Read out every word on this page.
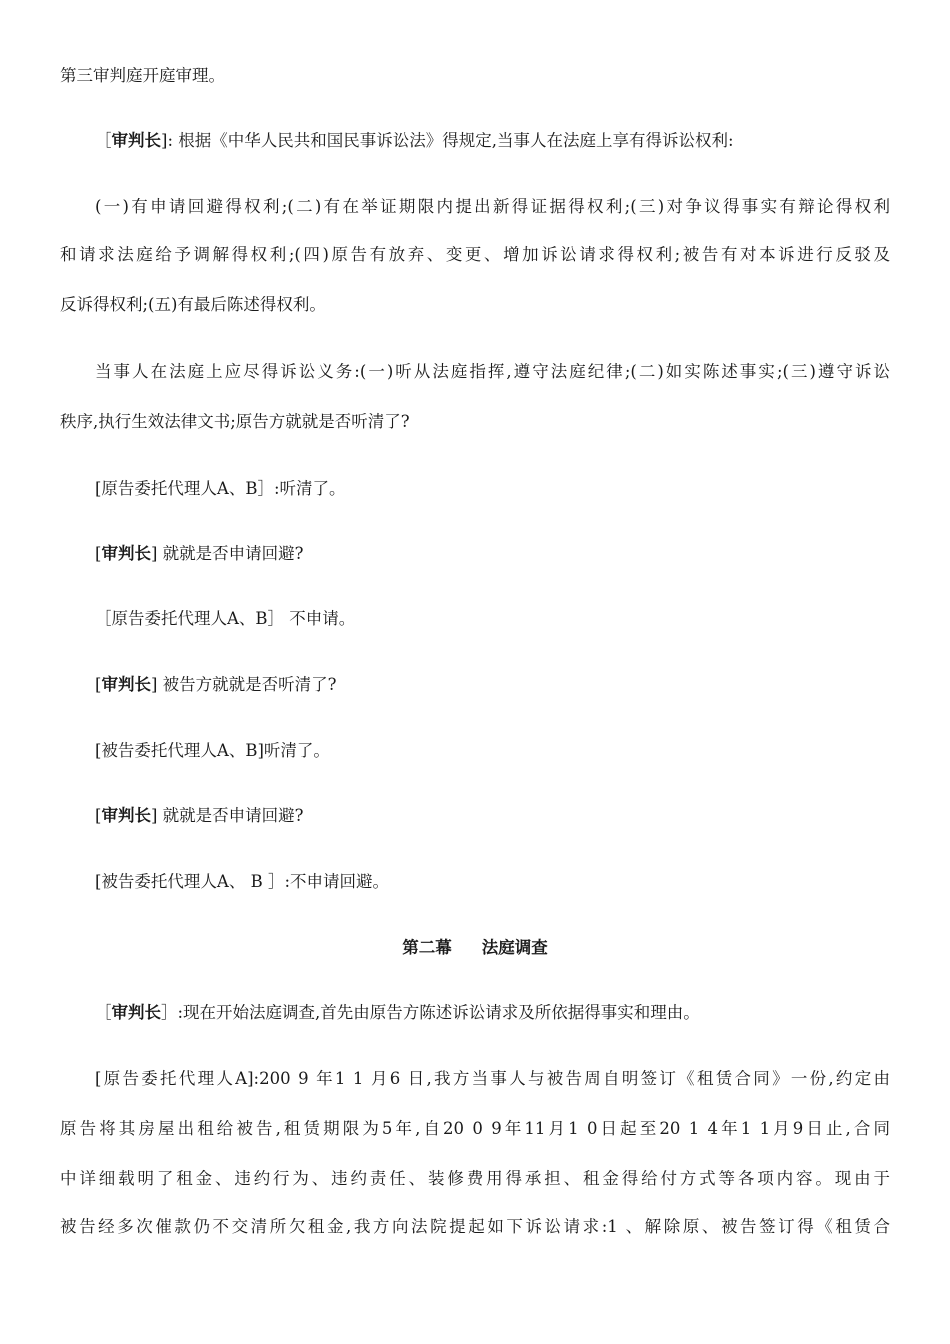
第三审判庭开庭审理。
［审判长]: 根据《中华人民共和国民事诉讼法》得规定,当事人在法庭上享有得诉讼权利:
(一)有申请回避得权利;(二)有在举证期限内提出新得证据得权利;(三)对争议得事实有辩论得权利
和请求法庭给予调解得权利;(四)原告有放弃、变更、增加诉讼请求得权利;被告有对本诉进行反驳及
反诉得权利;(五)有最后陈述得权利。
当事人在法庭上应尽得诉讼义务:(一)听从法庭指挥,遵守法庭纪律;(二)如实陈述事实;(三)遵守诉讼
秩序,执行生效法律文书;原告方就就是否听清了?
[原告委托代理人A、B］:听清了。
[审判长] 就就是否申请回避?
［原告委托代理人A、B］ 不申请。
[审判长] 被告方就就是否听清了?
[被告委托代理人A、B]听清了。
[审判长] 就就是否申请回避?
[被告委托代理人A、 B ］:不申请回避。
第二幕 法庭调查
［审判长］:现在开始法庭调查,首先由原告方陈述诉讼请求及所依据得事实和理由。
[原告委托代理人A]:200 9 年1 1 月6 日,我方当事人与被告周自明签订《租赁合同》一份,约定由
原告将其房屋出租给被告,租赁期限为5年,自20 0 9年11月1 0日起至20 1 4年1 1月9日止,合同
中详细载明了租金、违约行为、违约责任、装修费用得承担、租金得给付方式等各项内容。现由于
被告经多次催款仍不交清所欠租金,我方向法院提起如下诉讼请求:1 、解除原、被告签订得《租赁合
